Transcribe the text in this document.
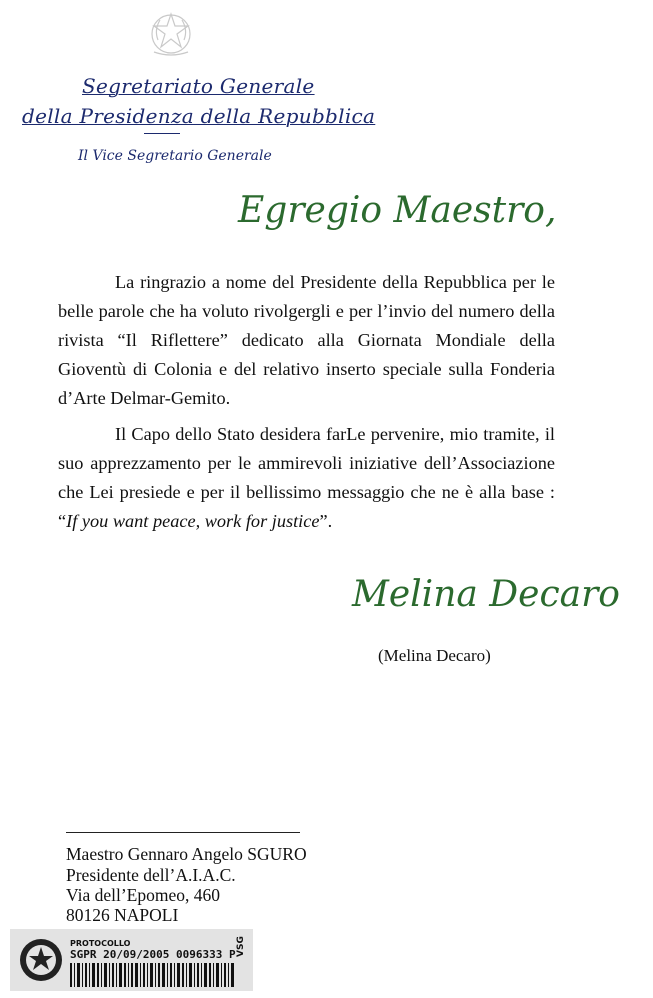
Segretariato Generale
della Presidenza della Repubblica
Il Vice Segretario Generale
Egregio Maestro,
La ringrazio a nome del Presidente della Repubblica per le belle parole che ha voluto rivolgergli e per l’invio del numero della rivista “Il Riflettere” dedicato alla Giornata Mondiale della Gioventù di Colonia e del relativo inserto speciale sulla Fonderia d’Arte Delmar-Gemito.
Il Capo dello Stato desidera farLe pervenire, mio tramite, il suo apprezzamento per le ammirevoli iniziative dell’Associazione che Lei presiede e per il bellissimo messaggio che ne è alla base : “If you want peace, work for justice”.
Melina Decaro
(Melina Decaro)
Maestro Gennaro Angelo SGURO
Presidente dell’A.I.A.C.
Via dell’Epomeo, 460
80126 NAPOLI
PROTOCOLLO
SGPR 20/09/2005 0096333 P VSG
